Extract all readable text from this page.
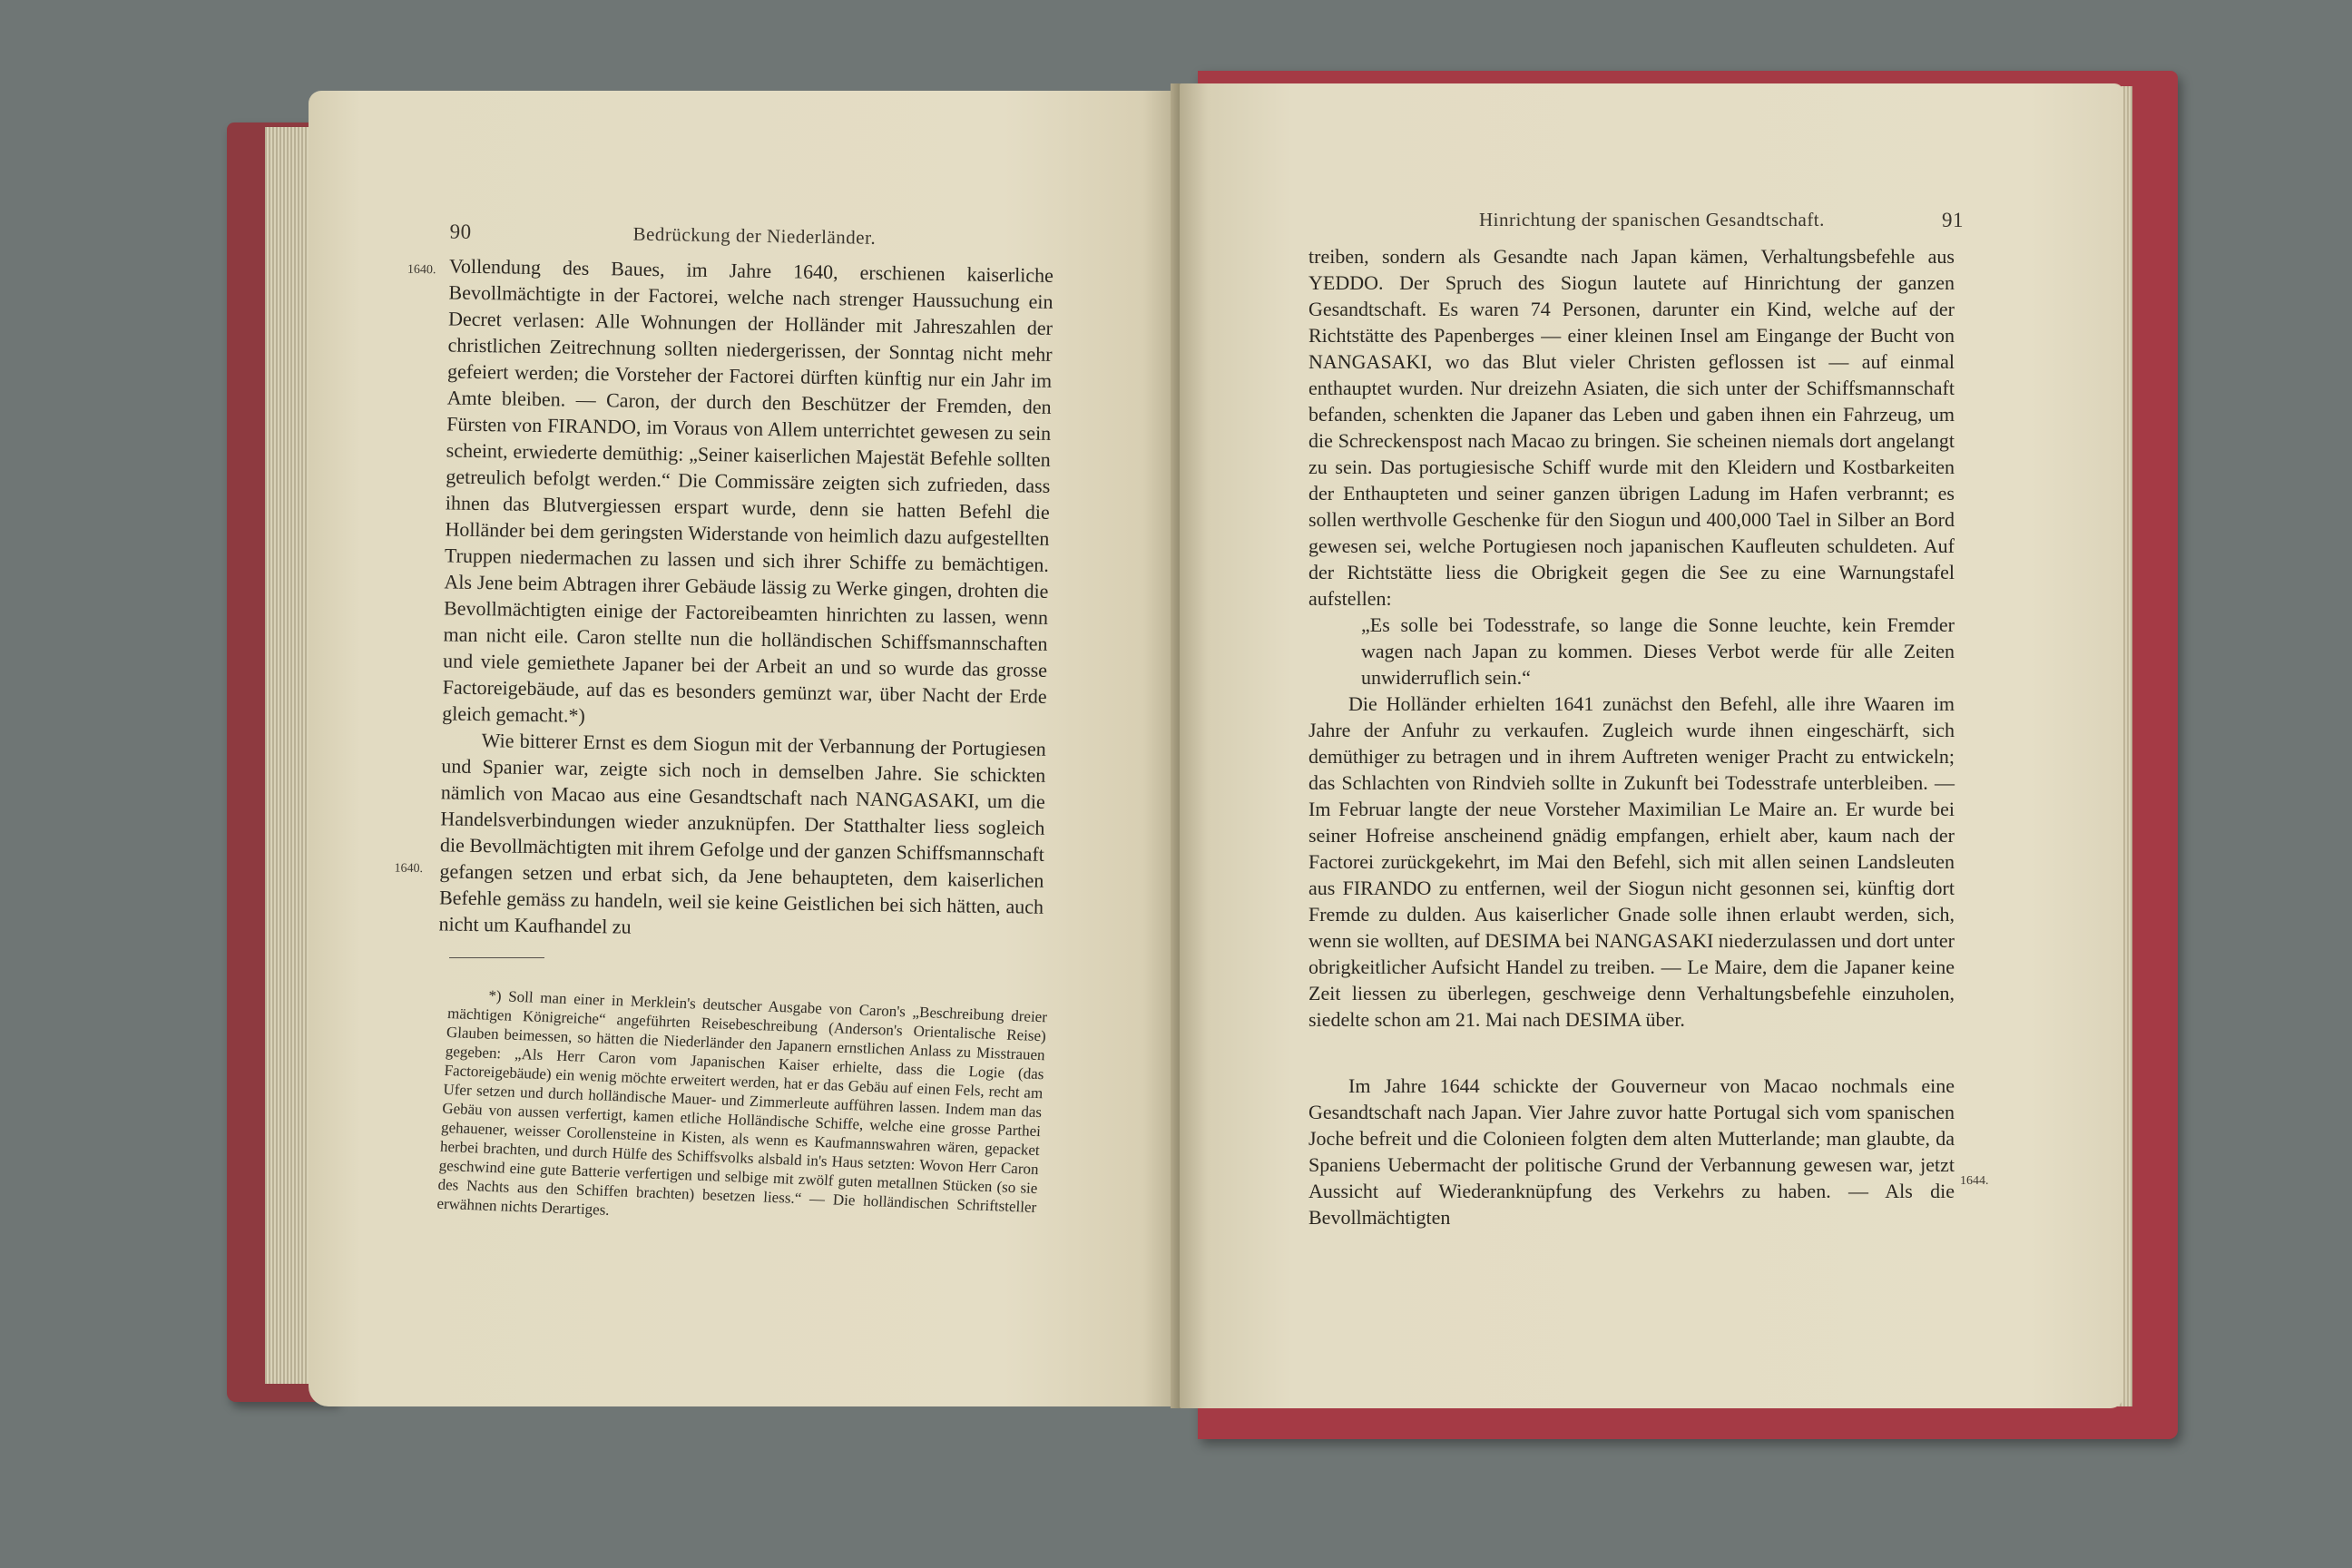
90	Bedrückung der Niederländer.
1640.
1640.

Vollendung des Baues, im Jahre 1640, erschienen kaiserliche Bevollmächtigte in der Factorei, welche nach strenger Haussuchung ein Decret verlasen: Alle Wohnungen der Holländer mit Jahreszahlen der christlichen Zeitrechnung sollten niedergerissen, der Sonntag nicht mehr gefeiert werden; die Vorsteher der Factorei dürften künftig nur ein Jahr im Amte bleiben. — Caron, der durch den Beschützer der Fremden, den Fürsten von FIRANDO, im Voraus von Allem unterrichtet gewesen zu sein scheint, erwiederte demüthig: „Seiner kaiserlichen Majestät Befehle sollten getreulich befolgt werden.“ Die Commissäre zeigten sich zufrieden, dass ihnen das Blutvergiessen erspart wurde, denn sie hatten Befehl die Holländer bei dem geringsten Widerstande von heimlich dazu aufgestellten Truppen niedermachen zu lassen und sich ihrer Schiffe zu bemächtigen. Als Jene beim Abtragen ihrer Gebäude lässig zu Werke gingen, drohten die Bevollmächtigten einige der Factoreibeamten hinrichten zu lassen, wenn man nicht eile. Caron stellte nun die holländischen Schiffsmannschaften und viele gemiethete Japaner bei der Arbeit an und so wurde das grosse Factoreigebäude, auf das es besonders gemünzt war, über Nacht der Erde gleich gemacht.*)

Wie bitterer Ernst es dem Siogun mit der Verbannung der Portugiesen und Spanier war, zeigte sich noch in demselben Jahre. Sie schickten nämlich von Macao aus eine Gesandtschaft nach NANGASAKI, um die Handelsverbindungen wieder anzuknüpfen. Der Statthalter liess sogleich die Bevollmächtigten mit ihrem Gefolge und der ganzen Schiffsmannschaft gefangen setzen und erbat sich, da Jene behaupteten, dem kaiserlichen Befehle gemäss zu handeln, weil sie keine Geistlichen bei sich hätten, auch nicht um Kaufhandel zu

*) Soll man einer in Merklein's deutscher Ausgabe von Caron's „Beschreibung dreier mächtigen Königreiche“ angeführten Reisebeschreibung (Anderson's Orientalische Reise) Glauben beimessen, so hätten die Niederländer den Japanern ernstlichen Anlass zu Misstrauen gegeben: „Als Herr Caron vom Japanischen Kaiser erhielte, dass die Logie (das Factoreigebäude) ein wenig möchte erweitert werden, hat er das Gebäu auf einen Fels, recht am Ufer setzen und durch holländische Mauer- und Zimmerleute aufführen lassen. Indem man das Gebäu von aussen verfertigt, kamen etliche Holländische Schiffe, welche eine grosse Parthei gehauener, weisser Corollensteine in Kisten, als wenn es Kaufmannswahren wären, gepacket herbei brachten, und durch Hülfe des Schiffsvolks alsbald in's Haus setzten: Wovon Herr Caron geschwind eine gute Batterie verfertigen und selbige mit zwölf guten metallnen Stücken (so sie des Nachts aus den Schiffen brachten) besetzen liess.“ — Die holländischen Schriftsteller erwähnen nichts Derartiges.

Hinrichtung der spanischen Gesandtschaft.	91
1644.

treiben, sondern als Gesandte nach Japan kämen, Verhaltungsbefehle aus YEDDO. Der Spruch des Siogun lautete auf Hinrichtung der ganzen Gesandtschaft. Es waren 74 Personen, darunter ein Kind, welche auf der Richtstätte des Papenberges — einer kleinen Insel am Eingange der Bucht von NANGASAKI, wo das Blut vieler Christen geflossen ist — auf einmal enthauptet wurden. Nur dreizehn Asiaten, die sich unter der Schiffsmannschaft befanden, schenkten die Japaner das Leben und gaben ihnen ein Fahrzeug, um die Schreckenspost nach Macao zu bringen. Sie scheinen niemals dort angelangt zu sein. Das portugiesische Schiff wurde mit den Kleidern und Kostbarkeiten der Enthaupteten und seiner ganzen übrigen Ladung im Hafen verbrannt; es sollen werthvolle Geschenke für den Siogun und 400,000 Tael in Silber an Bord gewesen sei, welche Portugiesen noch japanischen Kaufleuten schuldeten. Auf der Richtstätte liess die Obrigkeit gegen die See zu eine Warnungstafel aufstellen:

„Es solle bei Todesstrafe, so lange die Sonne leuchte, kein Fremder wagen nach Japan zu kommen. Dieses Verbot werde für alle Zeiten unwiderruflich sein.“

Die Holländer erhielten 1641 zunächst den Befehl, alle ihre Waaren im Jahre der Anfuhr zu verkaufen. Zugleich wurde ihnen eingeschärft, sich demüthiger zu betragen und in ihrem Auftreten weniger Pracht zu entwickeln; das Schlachten von Rindvieh sollte in Zukunft bei Todesstrafe unterbleiben. — Im Februar langte der neue Vorsteher Maximilian Le Maire an. Er wurde bei seiner Hofreise anscheinend gnädig empfangen, erhielt aber, kaum nach der Factorei zurückgekehrt, im Mai den Befehl, sich mit allen seinen Landsleuten aus FIRANDO zu entfernen, weil der Siogun nicht gesonnen sei, künftig dort Fremde zu dulden. Aus kaiserlicher Gnade solle ihnen erlaubt werden, sich, wenn sie wollten, auf DESIMA bei NANGASAKI niederzulassen und dort unter obrigkeitlicher Aufsicht Handel zu treiben. — Le Maire, dem die Japaner keine Zeit liessen zu überlegen, geschweige denn Verhaltungsbefehle einzuholen, siedelte schon am 21. Mai nach DESIMA über.

Im Jahre 1644 schickte der Gouverneur von Macao nochmals eine Gesandtschaft nach Japan. Vier Jahre zuvor hatte Portugal sich vom spanischen Joche befreit und die Colonieen folgten dem alten Mutterlande; man glaubte, da Spaniens Uebermacht der politische Grund der Verbannung gewesen war, jetzt Aussicht auf Wiederanknüpfung des Verkehrs zu haben. — Als die Bevollmächtigten
